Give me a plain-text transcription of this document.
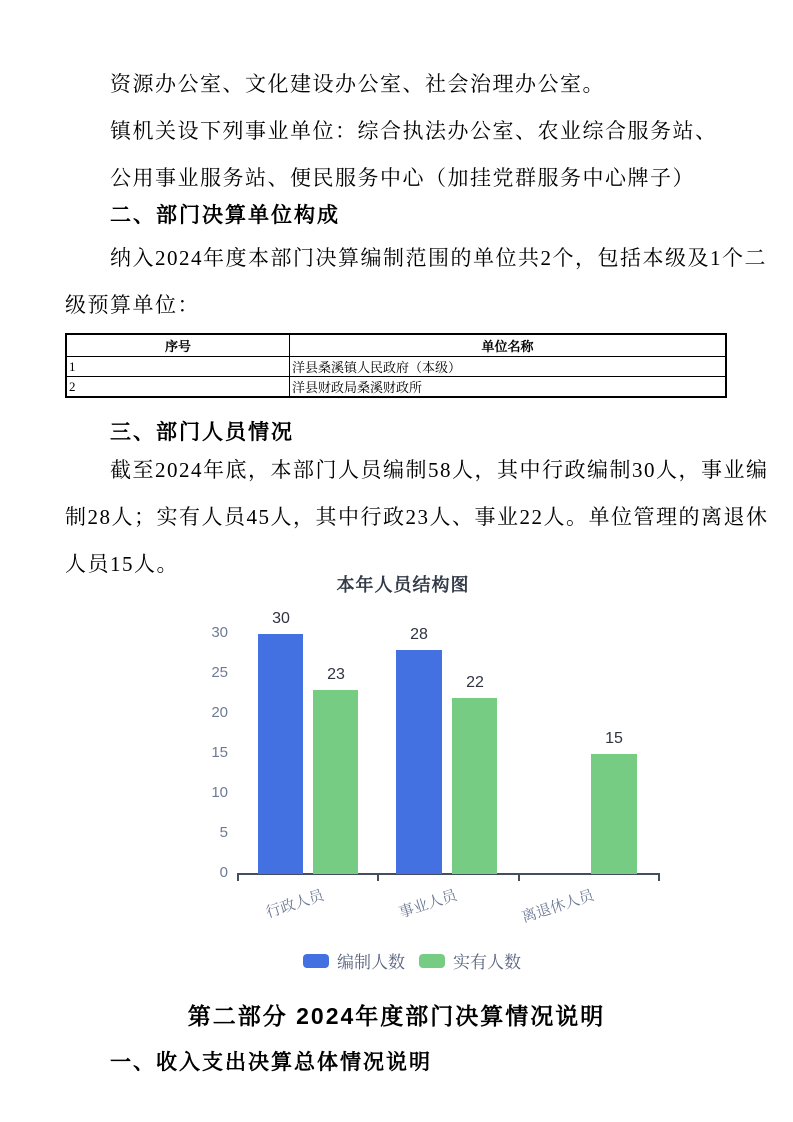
资源办公室、文化建设办公室、社会治理办公室。
镇机关设下列事业单位：综合执法办公室、农业综合服务站、
公用事业服务站、便民服务中心（加挂党群服务中心牌子）
二、部门决算单位构成
纳入2024年度本部门决算编制范围的单位共2个，包括本级及1个二
级预算单位：
序号	单位名称
1	洋县桑溪镇人民政府（本级）
2	洋县财政局桑溪财政所
三、部门人员情况
截至2024年底，本部门人员编制58人，其中行政编制30人，事业编
制28人；实有人员45人，其中行政23人、事业22人。单位管理的离退休
人员15人。
本年人员结构图
0
5
10
15
20
25
30
30
23
28
22
15
行政人员	事业人员	离退休人员
编制人数	实有人数
第二部分 2024年度部门决算情况说明
一、收入支出决算总体情况说明
